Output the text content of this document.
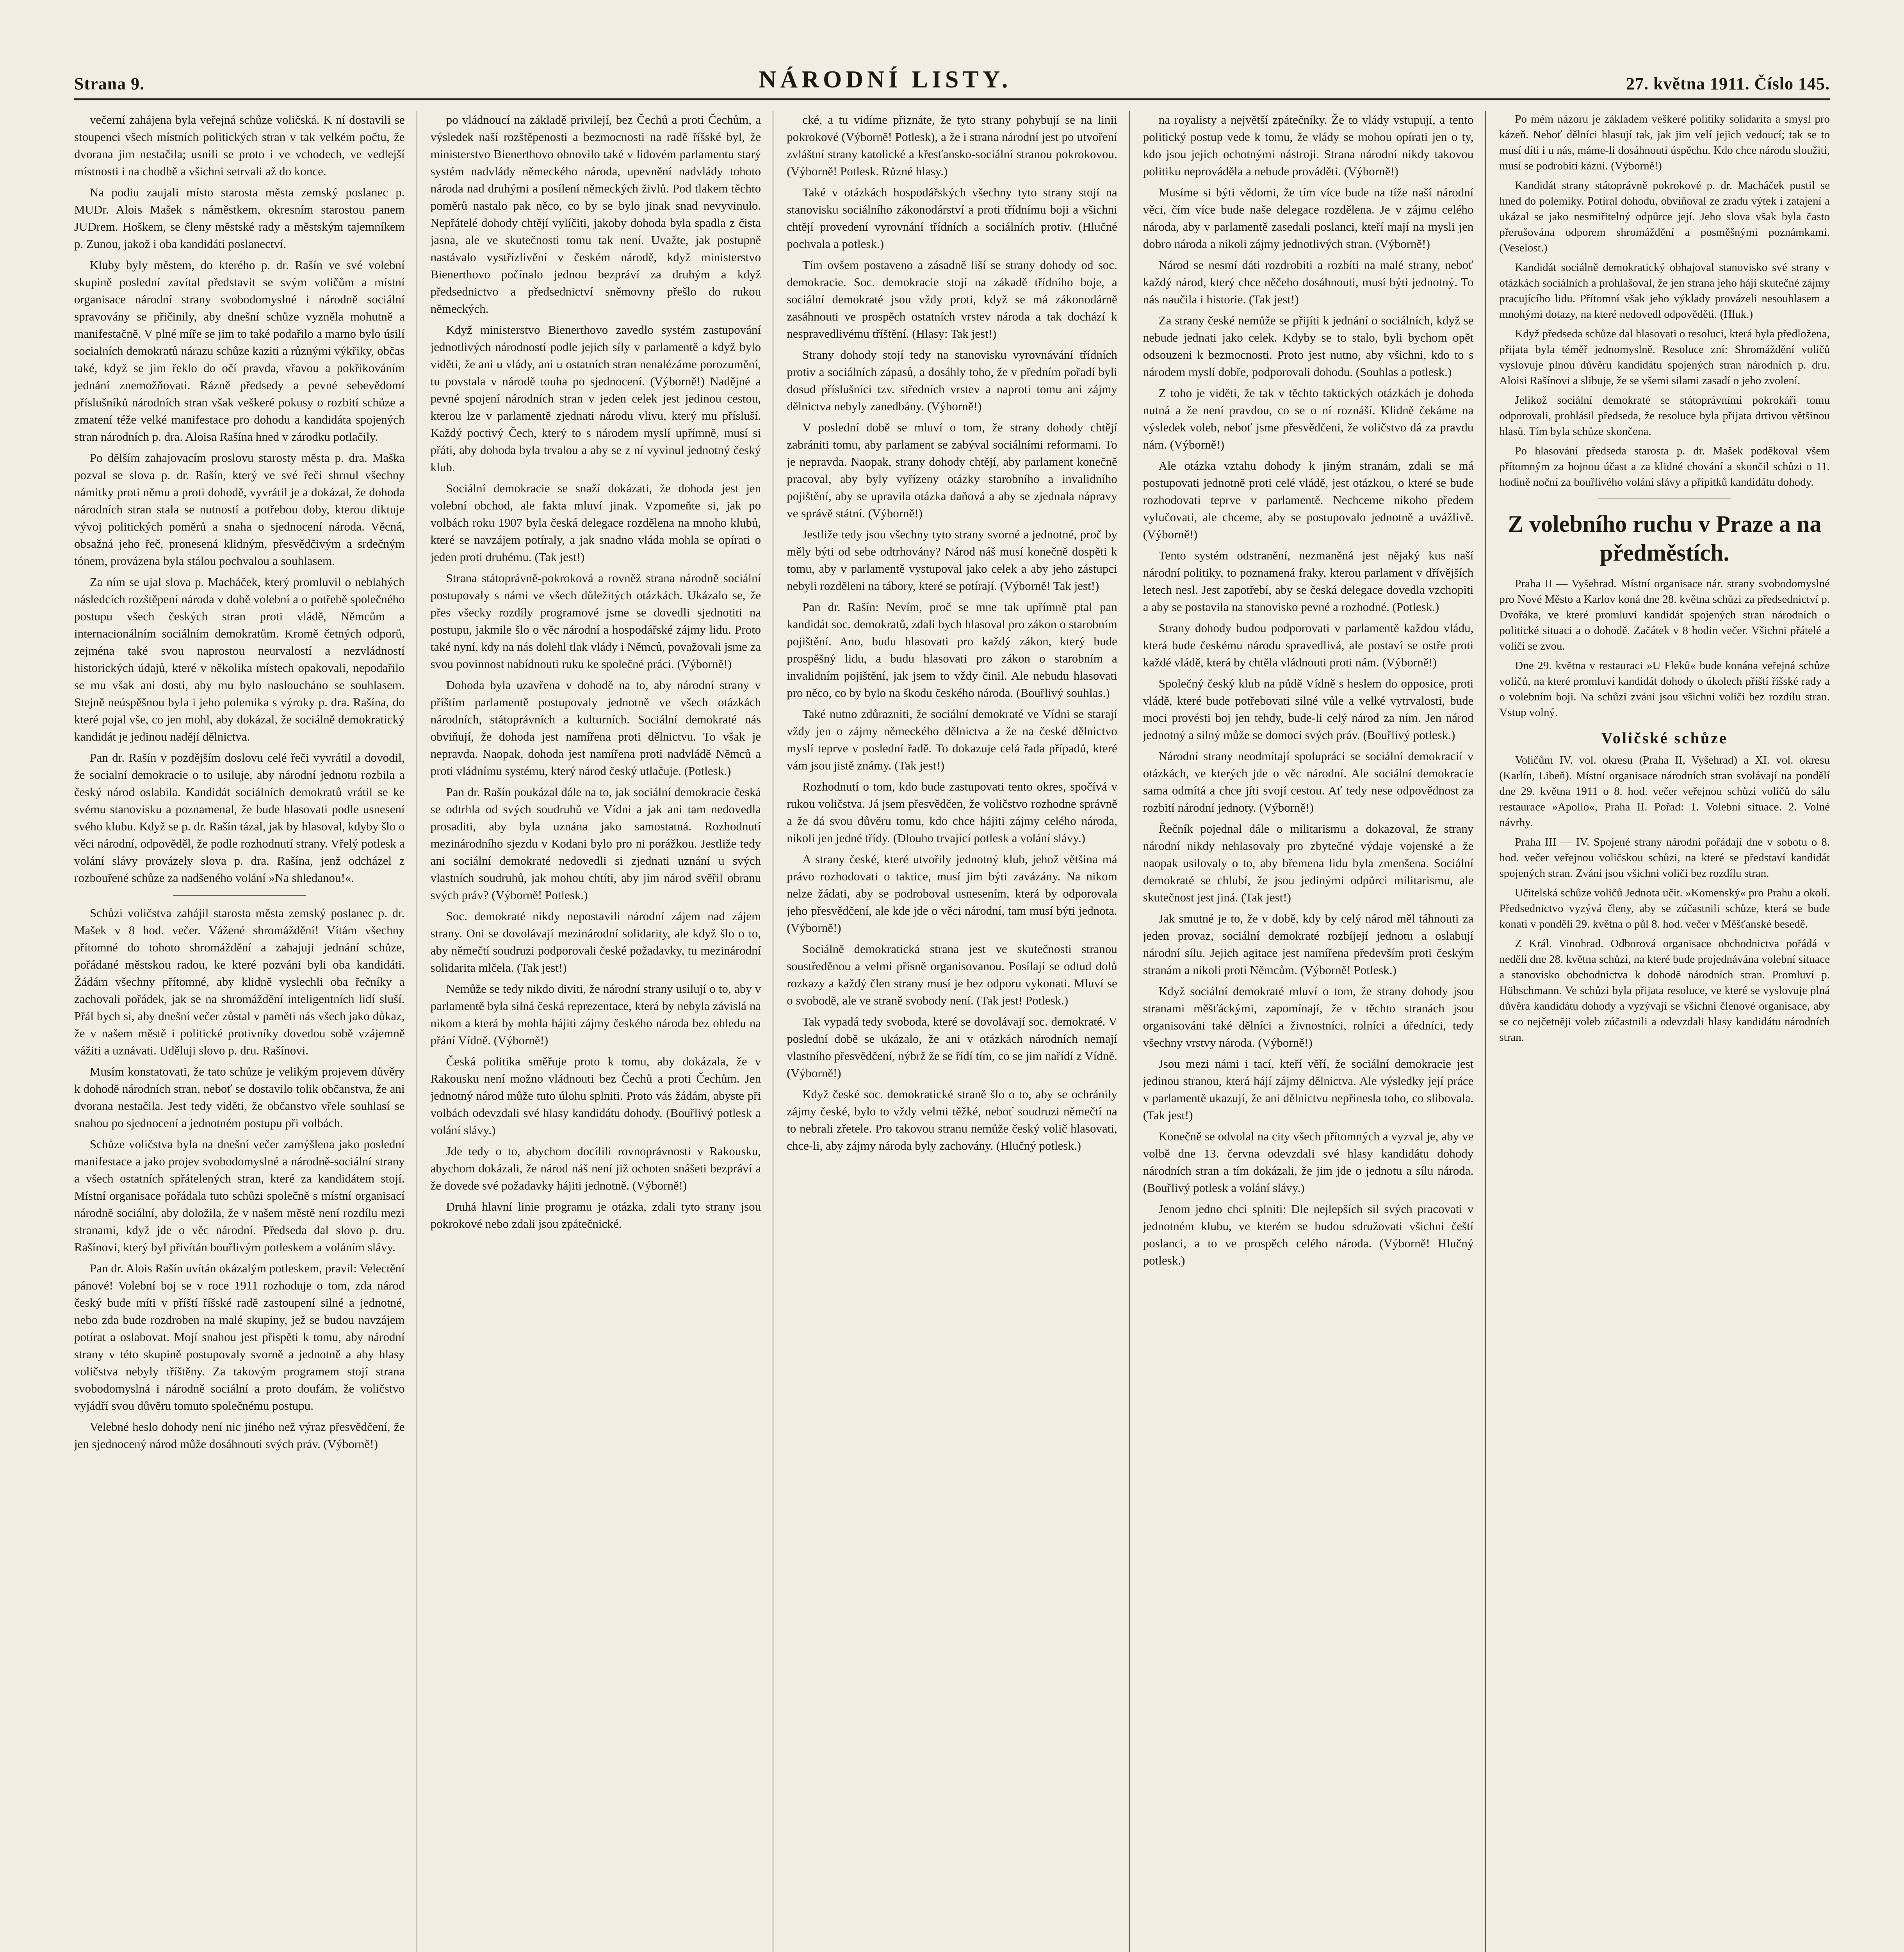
Strana 9.	NÁRODNÍ LISTY.	27. května 1911. Číslo 145.

večerní zahájena byla veřejná schůze voličská. K ní dostavili se stoupenci všech místních politických stran v tak velkém počtu, že dvorana jim nestačila; usnili se proto i ve vchodech, ve vedlejší místnosti i na chodbě a všichni setrvali až do konce.

Na podiu zaujali místo starosta města zemský poslanec p. MUDr. Alois Mašek s náměstkem, okresním starostou panem JUDrem. Hoškem, se členy městské rady a městským tajemníkem p. Zunou, jakož i oba kandidáti poslanectví.

Kluby byly městem, do kterého p. dr. Rašín ve své volební skupině poslední zavítal představit se svým voličům a místní organisace národní strany svobodomyslné i národně sociální spravovány se přičinily, aby dnešní schůze vyzněla mohutně a manifestačně. V plné míře se jim to také podařilo a marno bylo úsilí socialních demokratů nárazu schůze kaziti a různými výkřiky, občas také, když se jim řeklo do očí pravda, vřavou a pokřikováním jednání znemožňovati. Rázně předsedy a pevné sebevědomí příslušníků národních stran však veškeré pokusy o rozbití schůze a zmatení téže velké manifestace pro dohodu a kandidáta spojených stran národních p. dra. Aloisa Rašína hned v zárodku potlačily.

Po dělším zahajovacím proslovu starosty města p. dra. Maška pozval se slova p. dr. Rašín, který ve své řeči shrnul všechny námitky proti němu a proti dohodě, vyvrátil je a dokázal, že dohoda národních stran stala se nutností a potřebou doby, kterou diktuje vývoj politických poměrů a snaha o sjednocení národa. Věcná, obsažná jeho řeč, pronesená klidným, přesvědčivým a srdečným tónem, provázena byla stálou pochvalou a souhlasem.

Za ním se ujal slova p. Macháček, který promluvil o neblahých následcích rozštěpení národa v době volební a o potřebě společného postupu všech českých stran proti vládě, Němcům a internacionálním sociálním demokratům. Kromě četných odporů, zejména také svou naprostou neurvalostí a nezvládností historických údajů, které v několika místech opakovali, nepodařilo se mu však ani dosti, aby mu bylo nasloucháno se souhlasem. Stejně neúspěšnou byla i jeho polemika s výroky p. dra. Rašína, do které pojal vše, co jen mohl, aby dokázal, že sociálně demokratický kandidát je jedinou nadějí dělnictva.

Pan dr. Rašín v pozdějším doslovu celé řeči vyvrátil a dovodil, že socialní demokracie o to usiluje, aby národní jednotu rozbila a český národ oslabila. Kandidát sociálních demokratů vrátil se ke svému stanovisku a poznamenal, že bude hlasovati podle usnesení svého klubu. Když se p. dr. Rašín tázal, jak by hlasoval, kdyby šlo o věci národní, odpověděl, že podle rozhodnutí strany. Vřelý potlesk a volání slávy provázely slova p. dra. Rašína, jenž odcházel z rozbouřené schůze za nadšeného volání »Na shledanou!«.

Schůzi voličstva zahájil starosta města zemský poslanec p. dr. Mašek v 8 hod. večer. Vážené shromáždění! Vítám všechny přítomné do tohoto shromáždění a zahajuji jednání schůze, pořádané městskou radou, ke které pozváni byli oba kandidáti. Žádám všechny přítomné, aby klidně vyslechli oba řečníky a zachovali pořádek, jak se na shromáždění inteligentních lidí sluší. Přál bych si, aby dnešní večer zůstal v paměti nás všech jako důkaz, že v našem městě i politické protivníky dovedou sobě vzájemně vážiti a uznávati. Uděluji slovo p. dru. Rašínovi.

Musím konstatovati, že tato schůze je velikým projevem důvěry k dohodě národních stran, neboť se dostavilo tolik občanstva, že ani dvorana nestačila. Jest tedy viděti, že občanstvo vřele souhlasí se snahou po sjednocení a jednotném postupu při volbách.

Schůze voličstva byla na dnešní večer zamýšlena jako poslední manifestace a jako projev svobodomyslné a národně-sociální strany a všech ostatních spřátelených stran, které za kandidátem stojí. Místní organisace pořádala tuto schůzi společně s místní organisací národně sociální, aby doložila, že v našem městě není rozdílu mezi stranami, když jde o věc národní. Předseda dal slovo p. dru. Rašínovi, který byl přivítán bouřlivým potleskem a voláním slávy.

Pan dr. Alois Rašín uvítán okázalým potleskem, pravil: Velectění pánové! Volební boj se v roce 1911 rozhoduje o tom, zda národ český bude míti v příští říšské radě zastoupení silné a jednotné, nebo zda bude rozdroben na malé skupiny, jež se budou navzájem potírat a oslabovat. Mojí snahou jest přispěti k tomu, aby národní strany v této skupině postupovaly svorně a jednotně a aby hlasy voličstva nebyly tříštěny. Za takovým programem stojí strana svobodomyslná i národně sociální a proto doufám, že voličstvo vyjádří svou důvěru tomuto společnému postupu.

Velebné heslo dohody není nic jiného než výraz přesvědčení, že jen sjednocený národ může dosáhnouti svých práv. (Výborně!)

po vládnoucí na základě privilejí, bez Čechů a proti Čechům, a výsledek naší rozštěpenosti a bezmocnosti na radě říšské byl, že ministerstvo Bienerthovo obnovilo také v lidovém parlamentu starý systém nadvlády německého národa, upevnění nadvlády tohoto národa nad druhými a posílení německých živlů. Pod tlakem těchto poměrů nastalo pak něco, co by se bylo jinak snad nevyvinulo. Nepřátelé dohody chtějí vylíčiti, jakoby dohoda byla spadla z čista jasna, ale ve skutečnosti tomu tak není. Uvažte, jak postupně nastávalo vystřízlivění v českém národě, když ministerstvo Bienerthovo počínalo jednou bezpráví za druhým a když předsednictvo a předsednictví sněmovny přešlo do rukou německých.

Když ministerstvo Bienerthovo zavedlo systém zastupování jednotlivých národností podle jejich síly v parlamentě a když bylo viděti, že ani u vlády, ani u ostatních stran nenalézáme porozumění, tu povstala v národě touha po sjednocení. (Výborně!) Nadějné a pevné spojení národních stran v jeden celek jest jedinou cestou, kterou lze v parlamentě zjednati národu vlivu, který mu přísluší. Každý poctivý Čech, který to s národem myslí upřímně, musí si přáti, aby dohoda byla trvalou a aby se z ní vyvinul jednotný český klub.

Sociální demokracie se snaží dokázati, že dohoda jest jen volební obchod, ale fakta mluví jinak. Vzpomeňte si, jak po volbách roku 1907 byla česká delegace rozdělena na mnoho klubů, které se navzájem potíraly, a jak snadno vláda mohla se opírati o jeden proti druhému. (Tak jest!)

Strana státoprávně-pokroková a rovněž strana národně sociální postupovaly s námi ve všech důležitých otázkách. Ukázalo se, že přes všecky rozdíly programové jsme se dovedli sjednotiti na postupu, jakmile šlo o věc národní a hospodářské zájmy lidu. Proto také nyní, kdy na nás dolehl tlak vlády i Němců, považovali jsme za svou povinnost nabídnouti ruku ke společné práci. (Výborně!)

Dohoda byla uzavřena v dohodě na to, aby národní strany v příštím parlamentě postupovaly jednotně ve všech otázkách národních, státoprávních a kulturních. Sociální demokraté nás obviňují, že dohoda jest namířena proti dělnictvu. To však je nepravda. Naopak, dohoda jest namířena proti nadvládě Němců a proti vládnímu systému, který národ český utlačuje. (Potlesk.)

Pan dr. Rašín poukázal dále na to, jak sociální demokracie česká se odtrhla od svých soudruhů ve Vídni a jak ani tam nedovedla prosaditi, aby byla uznána jako samostatná. Rozhodnutí mezinárodního sjezdu v Kodani bylo pro ni porážkou. Jestliže tedy ani sociální demokraté nedovedli si zjednati uznání u svých vlastních soudruhů, jak mohou chtíti, aby jim národ svěřil obranu svých práv? (Výborně! Potlesk.)

Soc. demokraté nikdy nepostavili národní zájem nad zájem strany. Oni se dovolávají mezinárodní solidarity, ale když šlo o to, aby němečtí soudruzi podporovali české požadavky, tu mezinárodní solidarita mlčela. (Tak jest!)

Nemůže se tedy nikdo diviti, že národní strany usilují o to, aby v parlamentě byla silná česká reprezentace, která by nebyla závislá na nikom a která by mohla hájiti zájmy českého národa bez ohledu na přání Vídně. (Výborně!)

Česká politika směřuje proto k tomu, aby dokázala, že v Rakousku není možno vládnouti bez Čechů a proti Čechům. Jen jednotný národ může tuto úlohu splniti. Proto vás žádám, abyste při volbách odevzdali své hlasy kandidátu dohody. (Bouřlivý potlesk a volání slávy.)

Jde tedy o to, abychom docílili rovnoprávnosti v Rakousku, abychom dokázali, že národ náš není již ochoten snášeti bezpráví a že dovede své požadavky hájiti jednotně. (Výborně!)

Druhá hlavní linie programu je otázka, zdali tyto strany jsou pokrokové nebo zdali jsou zpátečnické.

cké, a tu vidíme přiznáte, že tyto strany pohybují se na linii pokrokové (Výborně! Potlesk), a že i strana národní jest po utvoření zvláštní strany katolické a křesťansko-sociální stranou pokrokovou. (Výborně! Potlesk. Různé hlasy.)

Také v otázkách hospodářských všechny tyto strany stojí na stanovisku sociálního zákonodárství a proti třídnímu boji a všichni chtějí provedení vyrovnání třídních a sociálních protiv. (Hlučné pochvala a potlesk.)

Tím ovšem postaveno a zásadně liší se strany dohody od soc. demokracie. Soc. demokracie stojí na zákadě třídního boje, a sociální demokraté jsou vždy proti, když se má zákonodárně zasáhnouti ve prospěch ostatních vrstev národa a tak dochází k nespravedlivému tříštění. (Hlasy: Tak jest!)

Strany dohody stojí tedy na stanovisku vyrovnávání třídních protiv a sociálních zápasů, a dosáhly toho, že v předním pořadí byli dosud příslušníci tzv. středních vrstev a naproti tomu ani zájmy dělnictva nebyly zanedbány. (Výborně!)

V poslední době se mluví o tom, že strany dohody chtějí zabrániti tomu, aby parlament se zabýval sociálními reformami. To je nepravda. Naopak, strany dohody chtějí, aby parlament konečně pracoval, aby byly vyřízeny otázky starobního a invalidního pojištění, aby se upravila otázka daňová a aby se zjednala nápravy ve správě státní. (Výborně!)

Jestliže tedy jsou všechny tyto strany svorné a jednotné, proč by měly býti od sebe odtrhovány? Národ náš musí konečně dospěti k tomu, aby v parlamentě vystupoval jako celek a aby jeho zástupci nebyli rozděleni na tábory, které se potírají. (Výborně! Tak jest!)

Pan dr. Rašín: Nevím, proč se mne tak upřímně ptal pan kandidát soc. demokratů, zdali bych hlasoval pro zákon o starobním pojištění. Ano, budu hlasovati pro každý zákon, který bude prospěšný lidu, a budu hlasovati pro zákon o starobním a invalidním pojištění, jak jsem to vždy činil. Ale nebudu hlasovati pro něco, co by bylo na škodu českého národa. (Bouřlivý souhlas.)

Také nutno zdůrazniti, že sociální demokraté ve Vídni se starají vždy jen o zájmy německého dělnictva a že na české dělnictvo myslí teprve v poslední řadě. To dokazuje celá řada případů, které vám jsou jistě známy. (Tak jest!)

Rozhodnutí o tom, kdo bude zastupovati tento okres, spočívá v rukou voličstva. Já jsem přesvědčen, že voličstvo rozhodne správně a že dá svou důvěru tomu, kdo chce hájiti zájmy celého národa, nikoli jen jedné třídy. (Dlouho trvající potlesk a volání slávy.)

A strany české, které utvořily jednotný klub, jehož většina má právo rozhodovati o taktice, musí jim býti zavázány. Na nikom nelze žádati, aby se podroboval usnesením, která by odporovala jeho přesvědčení, ale kde jde o věci národní, tam musí býti jednota. (Výborně!)

Sociálně demokratická strana jest ve skutečnosti stranou soustředěnou a velmi přísně organisovanou. Posílají se odtud dolů rozkazy a každý člen strany musí je bez odporu vykonati. Mluví se o svobodě, ale ve straně svobody není. (Tak jest! Potlesk.)

Tak vypadá tedy svoboda, které se dovolávají soc. demokraté. V poslední době se ukázalo, že ani v otázkách národních nemají vlastního přesvědčení, nýbrž že se řídí tím, co se jim nařídí z Vídně. (Výborně!)

Když české soc. demokratické straně šlo o to, aby se ochránily zájmy české, bylo to vždy velmi těžké, neboť soudruzi němečtí na to nebrali zřetele. Pro takovou stranu nemůže český volič hlasovati, chce-li, aby zájmy národa byly zachovány. (Hlučný potlesk.)

na royalisty a největší zpátečníky. Že to vlády vstupují, a tento politický postup vede k tomu, že vlády se mohou opírati jen o ty, kdo jsou jejich ochotnými nástroji. Strana národní nikdy takovou politiku neprováděla a nebude prováděti. (Výborně!)

Musíme si býti vědomi, že tím více bude na tíže naší národní věci, čím více bude naše delegace rozdělena. Je v zájmu celého národa, aby v parlamentě zasedali poslanci, kteří mají na mysli jen dobro národa a nikoli zájmy jednotlivých stran. (Výborně!)

Národ se nesmí dáti rozdrobiti a rozbíti na malé strany, neboť každý národ, který chce něčeho dosáhnouti, musí býti jednotný. To nás naučila i historie. (Tak jest!)

Za strany české nemůže se přijíti k jednání o sociálních, když se nebude jednati jako celek. Kdyby se to stalo, byli bychom opět odsouzeni k bezmocnosti. Proto jest nutno, aby všichni, kdo to s národem myslí dobře, podporovali dohodu. (Souhlas a potlesk.)

Z toho je viděti, že tak v těchto taktických otázkách je dohoda nutná a že není pravdou, co se o ní roznáší. Klidně čekáme na výsledek voleb, neboť jsme přesvědčeni, že voličstvo dá za pravdu nám. (Výborně!)

Ale otázka vztahu dohody k jiným stranám, zdali se má postupovati jednotně proti celé vládě, jest otázkou, o které se bude rozhodovati teprve v parlamentě. Nechceme nikoho předem vylučovati, ale chceme, aby se postupovalo jednotně a uvážlivě. (Výborně!)

Tento systém odstranění, nezmaněná jest nějaký kus naší národní politiky, to poznamená fraky, kterou parlament v dřívějších letech nesl. Jest zapotřebí, aby se česká delegace dovedla vzchopiti a aby se postavila na stanovisko pevné a rozhodné. (Potlesk.)

Strany dohody budou podporovati v parlamentě každou vládu, která bude českému národu spravedlivá, ale postaví se ostře proti každé vládě, která by chtěla vládnouti proti nám. (Výborně!)

Společný český klub na půdě Vídně s heslem do opposice, proti vládě, které bude potřebovati silné vůle a velké vytrvalosti, bude moci provésti boj jen tehdy, bude-li celý národ za ním. Jen národ jednotný a silný může se domoci svých práv. (Bouřlivý potlesk.)

Národní strany neodmítají spolupráci se sociální demokracií v otázkách, ve kterých jde o věc národní. Ale sociální demokracie sama odmítá a chce jíti svojí cestou. Ať tedy nese odpovědnost za rozbití národní jednoty. (Výborně!)

Řečník pojednal dále o militarismu a dokazoval, že strany národní nikdy nehlasovaly pro zbytečné výdaje vojenské a že naopak usilovaly o to, aby břemena lidu byla zmenšena. Sociální demokraté se chlubí, že jsou jedinými odpůrci militarismu, ale skutečnost jest jiná. (Tak jest!)

Jak smutné je to, že v době, kdy by celý národ měl táhnouti za jeden provaz, sociální demokraté rozbíjejí jednotu a oslabují národní sílu. Jejich agitace jest namířena především proti českým stranám a nikoli proti Němcům. (Výborně! Potlesk.)

Když sociální demokraté mluví o tom, že strany dohody jsou stranami měšťáckými, zapomínají, že v těchto stranách jsou organisováni také dělníci a živnostníci, rolníci a úředníci, tedy všechny vrstvy národa. (Výborně!)

Jsou mezi námi i tací, kteří věří, že sociální demokracie jest jedinou stranou, která hájí zájmy dělnictva. Ale výsledky její práce v parlamentě ukazují, že ani dělnictvu nepřinesla toho, co slibovala. (Tak jest!)

Konečně se odvolal na city všech přítomných a vyzval je, aby ve volbě dne 13. června odevzdali své hlasy kandidátu dohody národních stran a tím dokázali, že jim jde o jednotu a sílu národa. (Bouřlivý potlesk a volání slávy.)

Jenom jedno chci splniti: Dle nejlepších sil svých pracovati v jednotném klubu, ve kterém se budou sdružovati všichni čeští poslanci, a to ve prospěch celého národa. (Výborně! Hlučný potlesk.)

Po mém názoru je základem veškeré politiky solidarita a smysl pro kázeň. Neboť dělníci hlasují tak, jak jim velí jejich vedoucí; tak se to musí díti i u nás, máme-li dosáhnouti úspěchu. Kdo chce národu sloužiti, musí se podrobiti kázni. (Výborně!)

Kandidát strany státoprávně pokrokové p. dr. Macháček pustil se hned do polemiky. Potíral dohodu, obviňoval ze zradu výtek i zatajení a ukázal se jako nesmiřitelný odpůrce její. Jeho slova však byla často přerušována odporem shromáždění a posměšnými poznámkami. (Veselost.)

Kandidát sociálně demokratický obhajoval stanovisko své strany v otázkách sociálních a prohlašoval, že jen strana jeho hájí skutečné zájmy pracujícího lidu. Přítomní však jeho výklady provázeli nesouhlasem a mnohými dotazy, na které nedovedl odpověděti. (Hluk.)

Když předseda schůze dal hlasovati o resoluci, která byla předložena, přijata byla téměř jednomyslně. Resoluce zní: Shromáždění voličů vyslovuje plnou důvěru kandidátu spojených stran národních p. dru. Aloisi Rašínovi a slibuje, že se všemi silami zasadí o jeho zvolení.

Jelikož sociální demokraté se státoprávními pokrokáři tomu odporovali, prohlásil předseda, že resoluce byla přijata drtivou většinou hlasů. Tím byla schůze skončena.

Po hlasování předseda starosta p. dr. Mašek poděkoval všem přítomným za hojnou účast a za klidné chování a skončil schůzi o 11. hodině noční za bouřlivého volání slávy a přípitků kandidátu dohody.

Z volebního ruchu v Praze a na předměstích.

Praha II — Vyšehrad. Místní organisace nár. strany svobodomyslné pro Nové Město a Karlov koná dne 28. května schůzi za předsednictví p. Dvořáka, ve které promluví kandidát spojených stran národních o politické situaci a o dohodě. Začátek v 8 hodin večer. Všichni přátelé a voliči se zvou.

Dne 29. května v restauraci »U Fleků« bude konána veřejná schůze voličů, na které promluví kandidát dohody o úkolech příští říšské rady a o volebním boji. Na schůzi zváni jsou všichni voliči bez rozdílu stran. Vstup volný.

Voličské schůze

Voličům IV. vol. okresu (Praha II, Vyšehrad) a XI. vol. okresu (Karlín, Libeň). Místní organisace národních stran svolávají na pondělí dne 29. května 1911 o 8. hod. večer veřejnou schůzi voličů do sálu restaurace »Apollo«, Praha II. Pořad: 1. Volební situace. 2. Volné návrhy.

Praha III — IV. Spojené strany národní pořádají dne v sobotu o 8. hod. večer veřejnou voličskou schůzi, na které se představí kandidát spojených stran. Zváni jsou všichni voliči bez rozdílu stran.

Učitelská schůze voličů Jednota učit. »Komenský« pro Prahu a okolí. Předsednictvo vyzývá členy, aby se zúčastnili schůze, která se bude konati v pondělí 29. května o půl 8. hod. večer v Měšťanské besedě.

Z Král. Vinohrad. Odborová organisace obchodnictva pořádá v neděli dne 28. května schůzi, na které bude projednávána volební situace a stanovisko obchodnictva k dohodě národních stran. Promluví p. Hübschmann. Ve schůzi byla přijata resoluce, ve které se vyslovuje plná důvěra kandidátu dohody a vyzývají se všichni členové organisace, aby se co nejčetněji voleb zúčastnili a odevzdali hlasy kandidátu národních stran.
